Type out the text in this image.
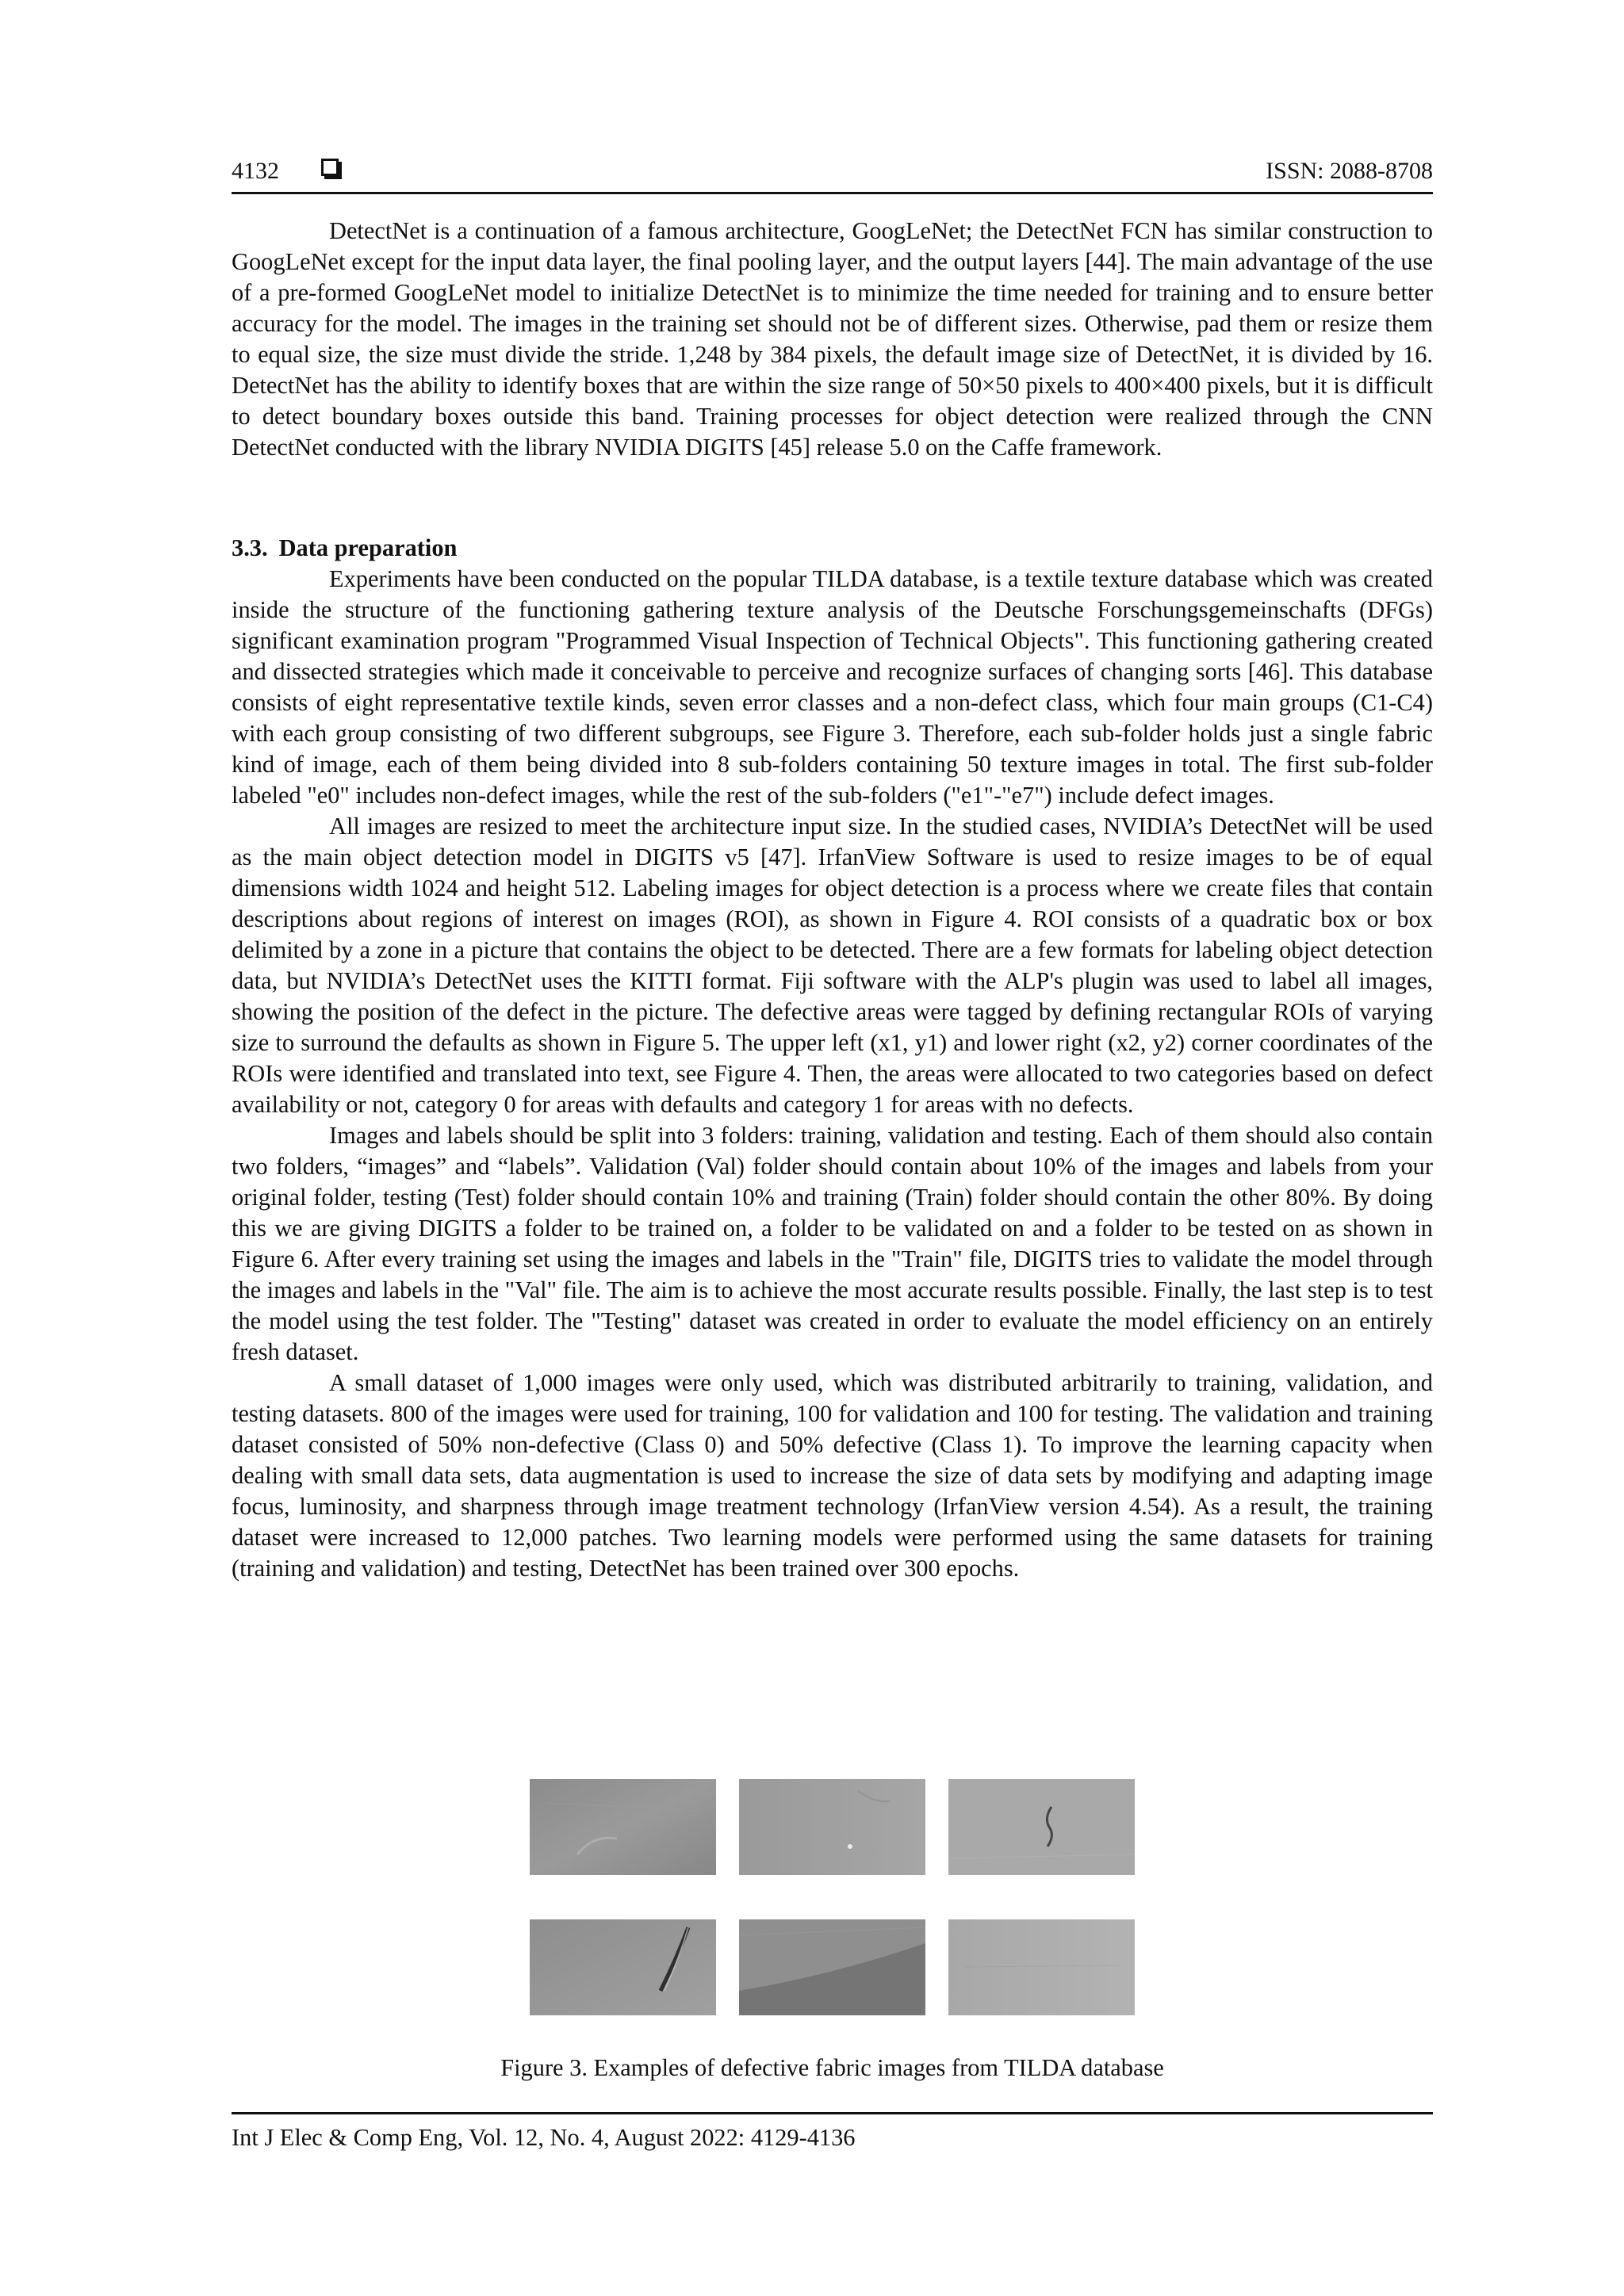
4132	ISSN: 2088-8708

DetectNet is a continuation of a famous architecture, GoogLeNet; the DetectNet FCN has similar construction to GoogLeNet except for the input data layer, the final pooling layer, and the output layers [44]. The main advantage of the use of a pre-formed GoogLeNet model to initialize DetectNet is to minimize the time needed for training and to ensure better accuracy for the model. The images in the training set should not be of different sizes. Otherwise, pad them or resize them to equal size, the size must divide the stride. 1,248 by 384 pixels, the default image size of DetectNet, it is divided by 16. DetectNet has the ability to identify boxes that are within the size range of 50×50 pixels to 400×400 pixels, but it is difficult to detect boundary boxes outside this band. Training processes for object detection were realized through the CNN DetectNet conducted with the library NVIDIA DIGITS [45] release 5.0 on the Caffe framework.

3.3. Data preparation

Experiments have been conducted on the popular TILDA database, is a textile texture database which was created inside the structure of the functioning gathering texture analysis of the Deutsche Forschungsgemeinschafts (DFGs) significant examination program "Programmed Visual Inspection of Technical Objects". This functioning gathering created and dissected strategies which made it conceivable to perceive and recognize surfaces of changing sorts [46]. This database consists of eight representative textile kinds, seven error classes and a non-defect class, which four main groups (C1-C4) with each group consisting of two different subgroups, see Figure 3. Therefore, each sub-folder holds just a single fabric kind of image, each of them being divided into 8 sub-folders containing 50 texture images in total. The first sub-folder labeled "e0" includes non-defect images, while the rest of the sub-folders ("e1"-"e7") include defect images.

All images are resized to meet the architecture input size. In the studied cases, NVIDIA’s DetectNet will be used as the main object detection model in DIGITS v5 [47]. IrfanView Software is used to resize images to be of equal dimensions width 1024 and height 512. Labeling images for object detection is a process where we create files that contain descriptions about regions of interest on images (ROI), as shown in Figure 4. ROI consists of a quadratic box or box delimited by a zone in a picture that contains the object to be detected. There are a few formats for labeling object detection data, but NVIDIA’s DetectNet uses the KITTI format. Fiji software with the ALP's plugin was used to label all images, showing the position of the defect in the picture. The defective areas were tagged by defining rectangular ROIs of varying size to surround the defaults as shown in Figure 5. The upper left (x1, y1) and lower right (x2, y2) corner coordinates of the ROIs were identified and translated into text, see Figure 4. Then, the areas were allocated to two categories based on defect availability or not, category 0 for areas with defaults and category 1 for areas with no defects.

Images and labels should be split into 3 folders: training, validation and testing. Each of them should also contain two folders, “images” and “labels”. Validation (Val) folder should contain about 10% of the images and labels from your original folder, testing (Test) folder should contain 10% and training (Train) folder should contain the other 80%. By doing this we are giving DIGITS a folder to be trained on, a folder to be validated on and a folder to be tested on as shown in Figure 6. After every training set using the images and labels in the "Train" file, DIGITS tries to validate the model through the images and labels in the "Val" file. The aim is to achieve the most accurate results possible. Finally, the last step is to test the model using the test folder. The "Testing" dataset was created in order to evaluate the model efficiency on an entirely fresh dataset.

A small dataset of 1,000 images were only used, which was distributed arbitrarily to training, validation, and testing datasets. 800 of the images were used for training, 100 for validation and 100 for testing. The validation and training dataset consisted of 50% non-defective (Class 0) and 50% defective (Class 1). To improve the learning capacity when dealing with small data sets, data augmentation is used to increase the size of data sets by modifying and adapting image focus, luminosity, and sharpness through image treatment technology (IrfanView version 4.54). As a result, the training dataset were increased to 12,000 patches. Two learning models were performed using the same datasets for training (training and validation) and testing, DetectNet has been trained over 300 epochs.

Figure 3. Examples of defective fabric images from TILDA database
Int J Elec & Comp Eng, Vol. 12, No. 4, August 2022: 4129-4136
